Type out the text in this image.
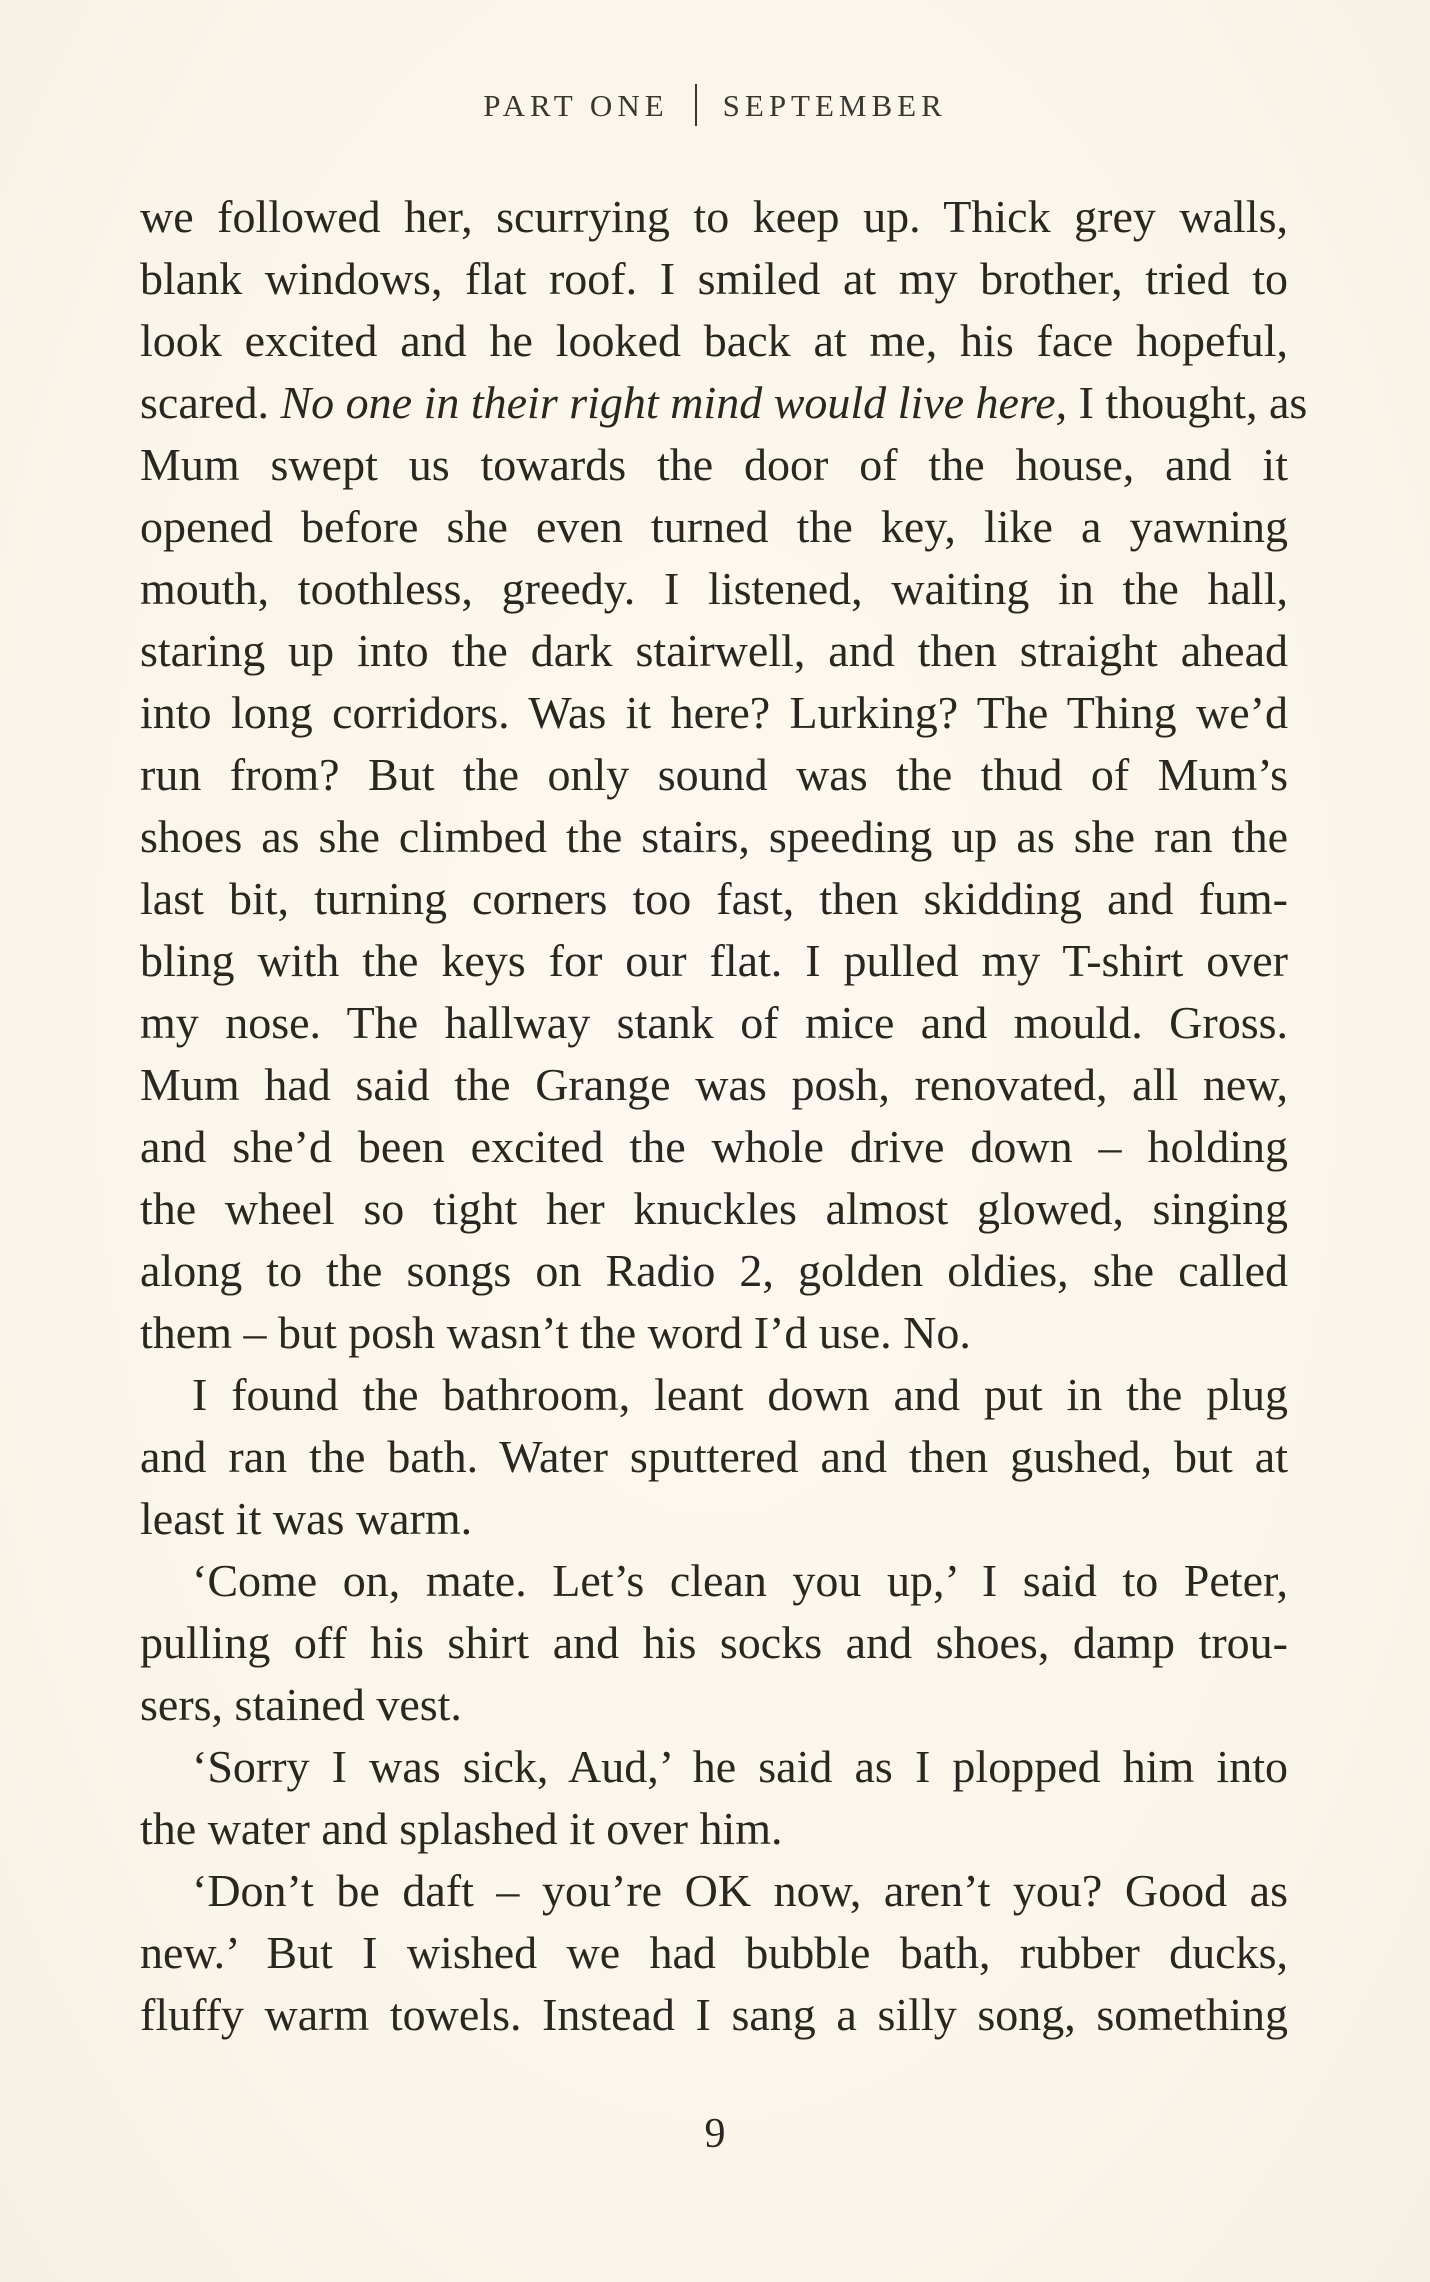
PART ONE SEPTEMBER
we followed her, scurrying to keep up. Thick grey walls,
blank windows, flat roof. I smiled at my brother, tried to
look excited and he looked back at me, his face hopeful,
scared. No one in their right mind would live here, I thought, as
Mum swept us towards the door of the house, and it
opened before she even turned the key, like a yawning
mouth, toothless, greedy. I listened, waiting in the hall,
staring up into the dark stairwell, and then straight ahead
into long corridors. Was it here? Lurking? The Thing we’d
run from? But the only sound was the thud of Mum’s
shoes as she climbed the stairs, speeding up as she ran the
last bit, turning corners too fast, then skidding and fum-
bling with the keys for our flat. I pulled my T-shirt over
my nose. The hallway stank of mice and mould. Gross.
Mum had said the Grange was posh, renovated, all new,
and she’d been excited the whole drive down – holding
the wheel so tight her knuckles almost glowed, singing
along to the songs on Radio 2, golden oldies, she called
them – but posh wasn’t the word I’d use. No.
I found the bathroom, leant down and put in the plug
and ran the bath. Water sputtered and then gushed, but at
least it was warm.
‘Come on, mate. Let’s clean you up,’ I said to Peter,
pulling off his shirt and his socks and shoes, damp trou-
sers, stained vest.
‘Sorry I was sick, Aud,’ he said as I plopped him into
the water and splashed it over him.
‘Don’t be daft – you’re OK now, aren’t you? Good as
new.’ But I wished we had bubble bath, rubber ducks,
fluffy warm towels. Instead I sang a silly song, something
9
